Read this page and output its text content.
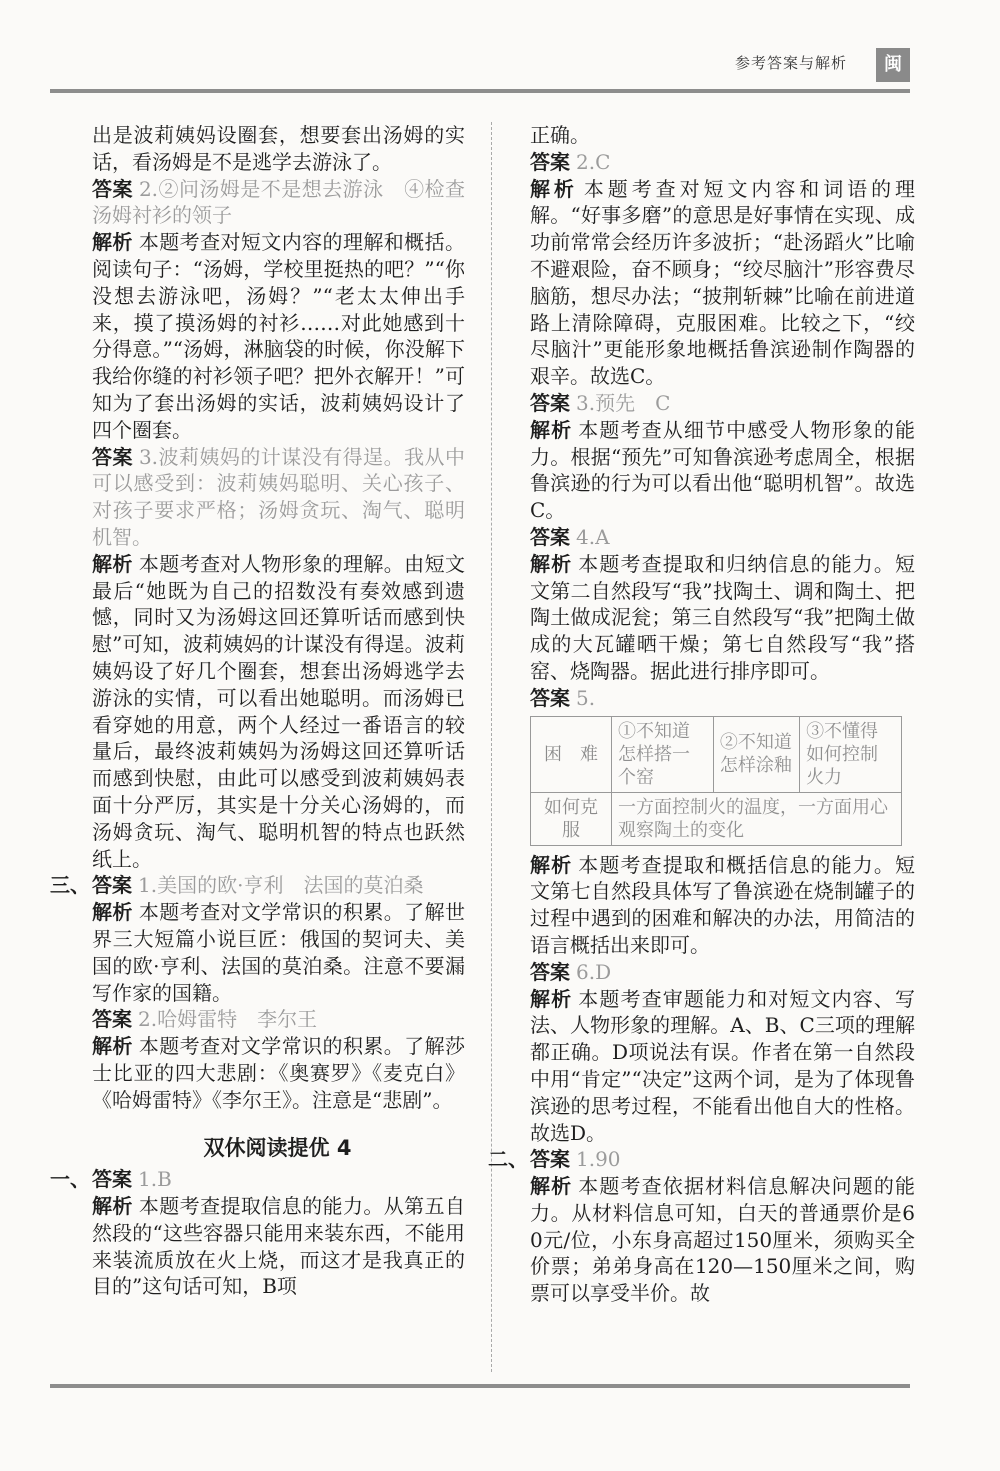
参考答案与解析	闽
出是波莉姨妈设圈套，想要套出汤姆的实话，看汤姆是不是逃学去游泳了。
答案 2.②问汤姆是不是想去游泳　④检查汤姆衬衫的领子
解析 本题考查对短文内容的理解和概括。阅读句子：“汤姆，学校里挺热的吧？”“你没想去游泳吧，汤姆？”“老太太伸出手来，摸了摸汤姆的衬衫……对此她感到十分得意。”“汤姆，淋脑袋的时候，你没解下我给你缝的衬衫领子吧？把外衣解开！”可知为了套出汤姆的实话，波莉姨妈设计了四个圈套。
答案 3.波莉姨妈的计谋没有得逞。我从中可以感受到：波莉姨妈聪明、关心孩子、对孩子要求严格；汤姆贪玩、淘气、聪明机智。
解析 本题考查对人物形象的理解。由短文最后“她既为自己的招数没有奏效感到遗憾，同时又为汤姆这回还算听话而感到快慰”可知，波莉姨妈的计谋没有得逞。波莉姨妈设了好几个圈套，想套出汤姆逃学去游泳的实情，可以看出她聪明。而汤姆已看穿她的用意，两个人经过一番语言的较量后，最终波莉姨妈为汤姆这回还算听话而感到快慰，由此可以感受到波莉姨妈表面十分严厉，其实是十分关心汤姆的，而汤姆贪玩、淘气、聪明机智的特点也跃然纸上。
三、 答案 1.美国的欧·亨利　法国的莫泊桑
解析 本题考查对文学常识的积累。了解世界三大短篇小说巨匠：俄国的契诃夫、美国的欧·亨利、法国的莫泊桑。注意不要漏写作家的国籍。
答案 2.哈姆雷特　李尔王
解析 本题考查对文学常识的积累。了解莎士比亚的四大悲剧：《奥赛罗》《麦克白》《哈姆雷特》《李尔王》。注意是“悲剧”。
双休阅读提优 4
一、 答案 1.B
解析 本题考查提取信息的能力。从第五自然段的“这些容器只能用来装东西，不能用来装流质放在火上烧，而这才是我真正的目的”这句话可知，B项
正确。
答案 2.C
解析 本题考查对短文内容和词语的理解。“好事多磨”的意思是好事情在实现、成功前常常会经历许多波折；“赴汤蹈火”比喻不避艰险，奋不顾身；“绞尽脑汁”形容费尽脑筋，想尽办法；“披荆斩棘”比喻在前进道路上清除障碍，克服困难。比较之下，“绞尽脑汁”更能形象地概括鲁滨逊制作陶器的艰辛。故选C。
答案 3.预先　C
解析 本题考查从细节中感受人物形象的能力。根据“预先”可知鲁滨逊考虑周全，根据鲁滨逊的行为可以看出他“聪明机智”。故选C。
答案 4.A
解析 本题考查提取和归纳信息的能力。短文第二自然段写“我”找陶土、调和陶土、把陶土做成泥瓮；第三自然段写“我”把陶土做成的大瓦罐晒干燥；第七自然段写“我”搭窑、烧陶器。据此进行排序即可。
答案 5.
困　难	①不知道怎样搭一个窑	②不知道怎样涂釉	③不懂得如何控制火力
如何克服	一方面控制火的温度，一方面用心观察陶土的变化		
解析 本题考查提取和概括信息的能力。短文第七自然段具体写了鲁滨逊在烧制罐子的过程中遇到的困难和解决的办法，用简洁的语言概括出来即可。
答案 6.D
解析 本题考查审题能力和对短文内容、写法、人物形象的理解。A、B、C三项的理解都正确。D项说法有误。作者在第一自然段中用“肯定”“决定”这两个词，是为了体现鲁滨逊的思考过程，不能看出他自大的性格。故选D。
二、 答案 1.90
解析 本题考查依据材料信息解决问题的能力。从材料信息可知，白天的普通票价是60元/位，小东身高超过150厘米，须购买全价票；弟弟身高在120—150厘米之间，购票可以享受半价。故
